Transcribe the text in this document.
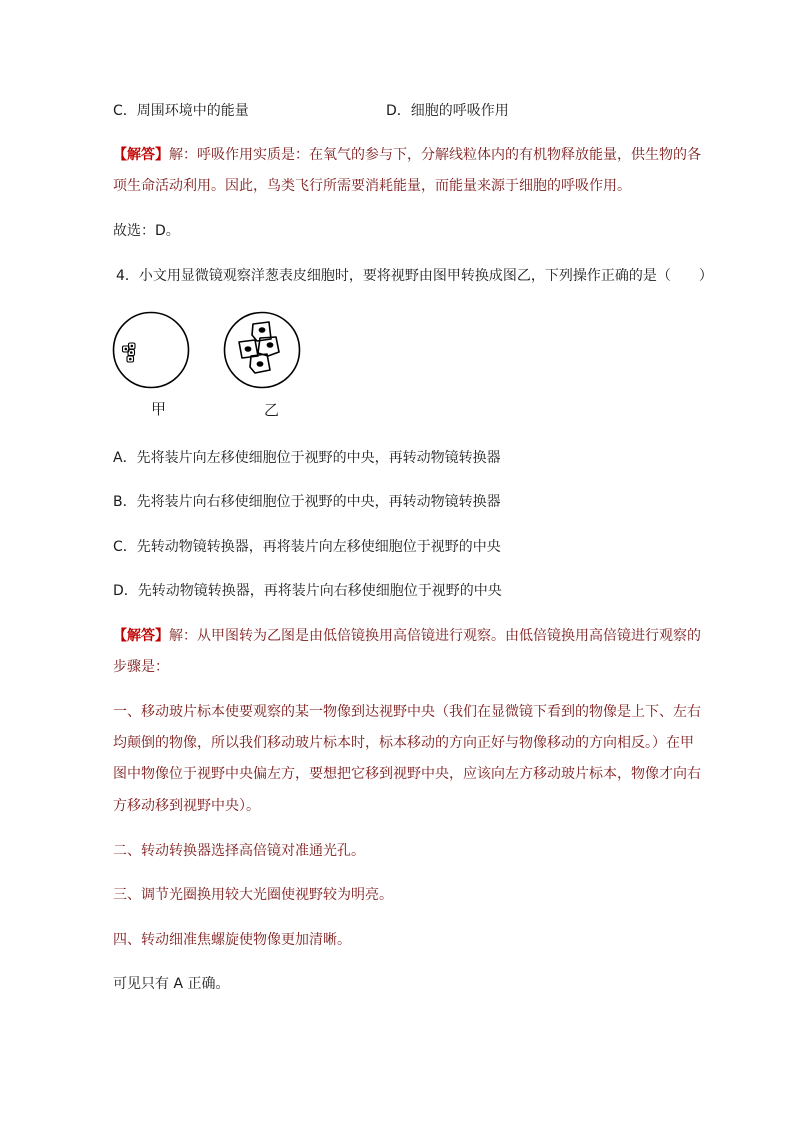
C．周围环境中的能量	D．细胞的呼吸作用
【解答】解：呼吸作用实质是：在氧气的参与下，分解线粒体内的有机物释放能量，供生物的各
项生命活动利用。因此，鸟类飞行所需要消耗能量，而能量来源于细胞的呼吸作用。
故选：D。
4．小文用显微镜观察洋葱表皮细胞时，要将视野由图甲转换成图乙，下列操作正确的是（　　）
甲	乙
A．先将装片向左移使细胞位于视野的中央，再转动物镜转换器
B．先将装片向右移使细胞位于视野的中央，再转动物镜转换器
C．先转动物镜转换器，再将装片向左移使细胞位于视野的中央
D．先转动物镜转换器，再将装片向右移使细胞位于视野的中央
【解答】解：从甲图转为乙图是由低倍镜换用高倍镜进行观察。由低倍镜换用高倍镜进行观察的
步骤是：
一、移动玻片标本使要观察的某一物像到达视野中央（我们在显微镜下看到的物像是上下、左右
均颠倒的物像，所以我们移动玻片标本时，标本移动的方向正好与物像移动的方向相反。）在甲
图中物像位于视野中央偏左方，要想把它移到视野中央，应该向左方移动玻片标本，物像才向右
方移动移到视野中央）。
二、转动转换器选择高倍镜对准通光孔。
三、调节光圈换用较大光圈使视野较为明亮。
四、转动细准焦螺旋使物像更加清晰。
可见只有 A 正确。
